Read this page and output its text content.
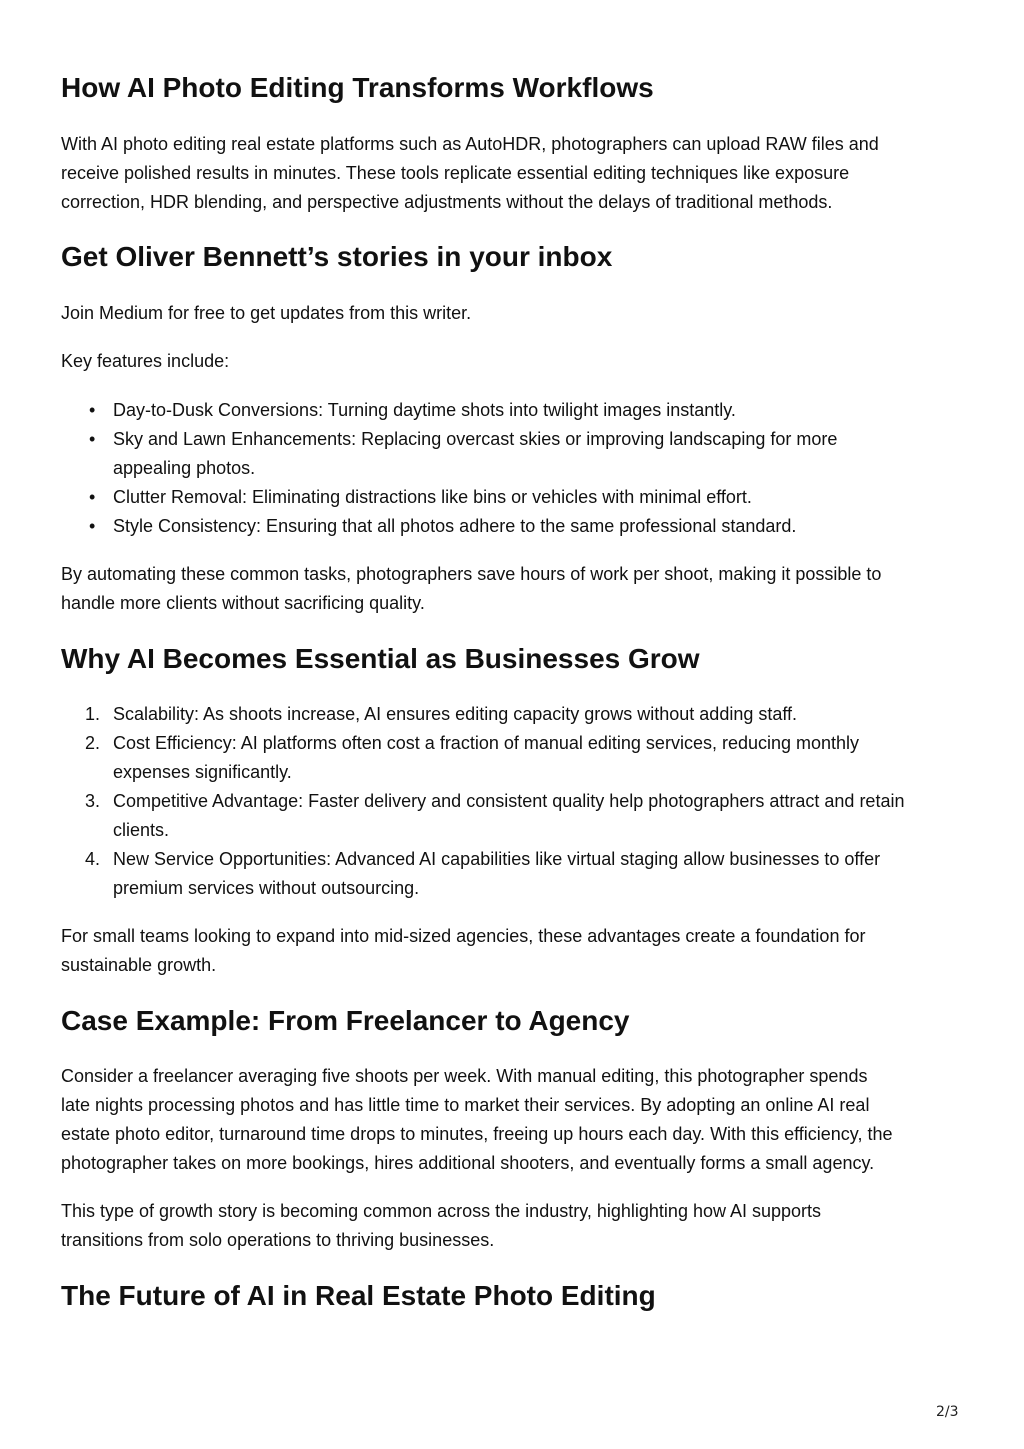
How AI Photo Editing Transforms Workflows
With AI photo editing real estate platforms such as AutoHDR, photographers can upload RAW files and
receive polished results in minutes. These tools replicate essential editing techniques like exposure
correction, HDR blending, and perspective adjustments without the delays of traditional methods.
Get Oliver Bennett’s stories in your inbox
Join Medium for free to get updates from this writer.
Key features include:
• Day-to-Dusk Conversions: Turning daytime shots into twilight images instantly.
• Sky and Lawn Enhancements: Replacing overcast skies or improving landscaping for more
appealing photos.
• Clutter Removal: Eliminating distractions like bins or vehicles with minimal effort.
• Style Consistency: Ensuring that all photos adhere to the same professional standard.
By automating these common tasks, photographers save hours of work per shoot, making it possible to
handle more clients without sacrificing quality.
Why AI Becomes Essential as Businesses Grow
1. Scalability: As shoots increase, AI ensures editing capacity grows without adding staff.
2. Cost Efficiency: AI platforms often cost a fraction of manual editing services, reducing monthly
expenses significantly.
3. Competitive Advantage: Faster delivery and consistent quality help photographers attract and retain
clients.
4. New Service Opportunities: Advanced AI capabilities like virtual staging allow businesses to offer
premium services without outsourcing.
For small teams looking to expand into mid-sized agencies, these advantages create a foundation for
sustainable growth.
Case Example: From Freelancer to Agency
Consider a freelancer averaging five shoots per week. With manual editing, this photographer spends
late nights processing photos and has little time to market their services. By adopting an online AI real
estate photo editor, turnaround time drops to minutes, freeing up hours each day. With this efficiency, the
photographer takes on more bookings, hires additional shooters, and eventually forms a small agency.
This type of growth story is becoming common across the industry, highlighting how AI supports
transitions from solo operations to thriving businesses.
The Future of AI in Real Estate Photo Editing
2/3
